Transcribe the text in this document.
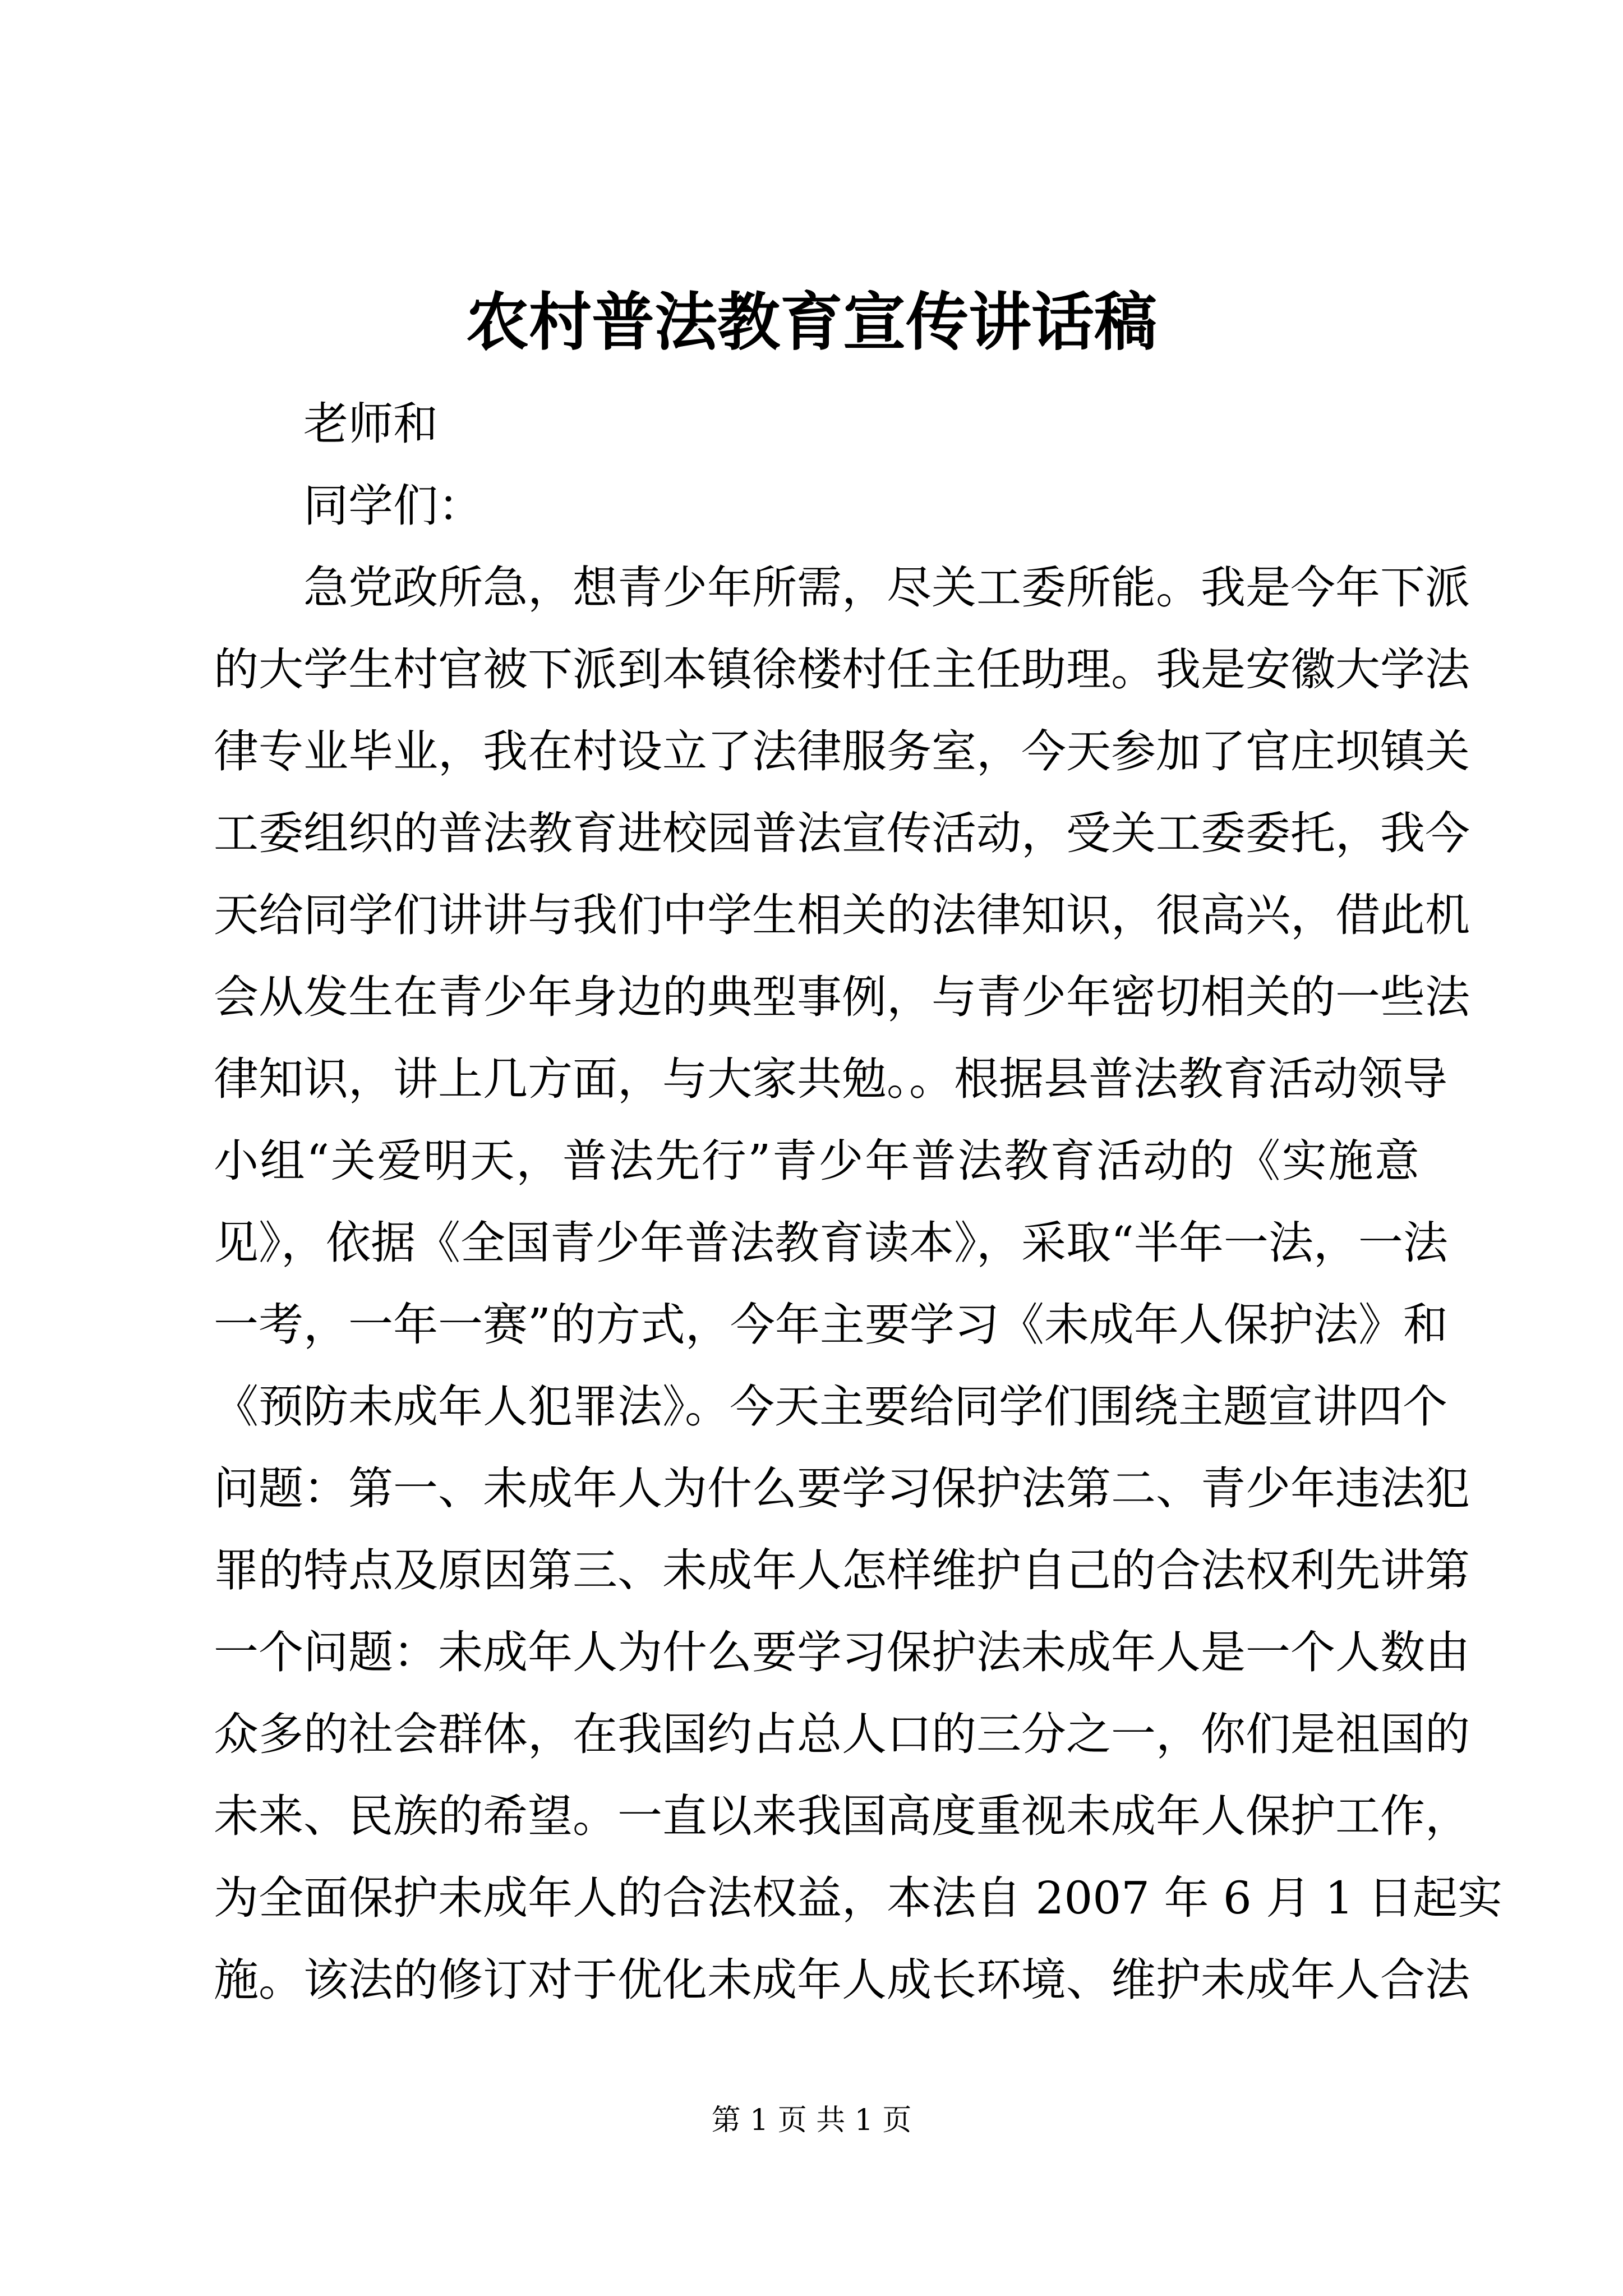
农村普法教育宣传讲话稿
　　老师和
　　同学们：
　　急党政所急，想青少年所需，尽关工委所能。我是今年下派
的大学生村官被下派到本镇徐楼村任主任助理。我是安徽大学法
律专业毕业，我在村设立了法律服务室，今天参加了官庄坝镇关
工委组织的普法教育进校园普法宣传活动，受关工委委托，我今
天给同学们讲讲与我们中学生相关的法律知识，很高兴，借此机
会从发生在青少年身边的典型事例，与青少年密切相关的一些法
律知识，讲上几方面，与大家共勉。。根据县普法教育活动领导
小组“关爱明天，普法先行”青少年普法教育活动的《实施意
见》，依据《全国青少年普法教育读本》，采取“半年一法，一法
一考，一年一赛”的方式，今年主要学习《未成年人保护法》和
《预防未成年人犯罪法》。今天主要给同学们围绕主题宣讲四个
问题：第一、未成年人为什么要学习保护法第二、青少年违法犯
罪的特点及原因第三、未成年人怎样维护自己的合法权利先讲第
一个问题：未成年人为什么要学习保护法未成年人是一个人数由
众多的社会群体，在我国约占总人口的三分之一，你们是祖国的
未来、民族的希望。一直以来我国高度重视未成年人保护工作，
为全面保护未成年人的合法权益，本法自 2007 年 6 月 1 日起实
施。该法的修订对于优化未成年人成长环境、维护未成年人合法
第 1 页 共 1 页
